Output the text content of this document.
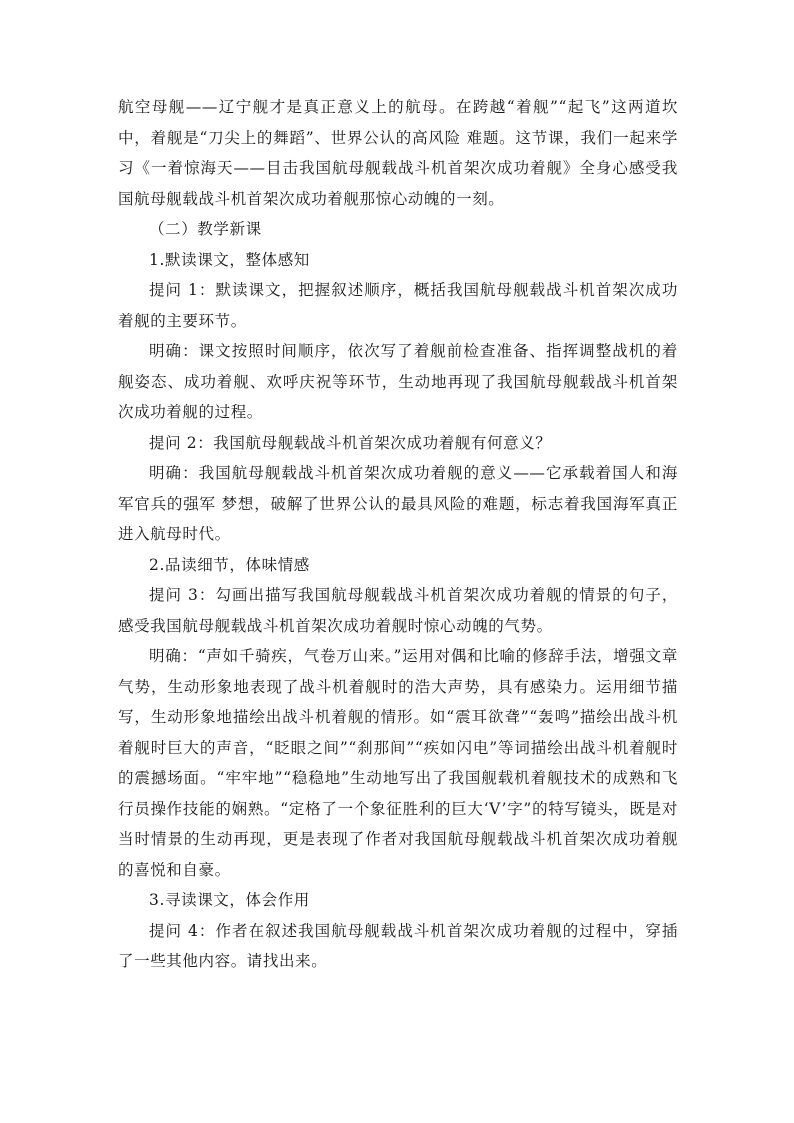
航空母舰——辽宁舰才是真正意义上的航母。在跨越“着舰”“起飞”这两道坎中，着舰是“刀尖上的舞蹈”、世界公认的高风险 难题。这节课，我们一起来学习《一着惊海天——目击我国航母舰载战斗机首架次成功着舰》全身心感受我国航母舰载战斗机首架次成功着舰那惊心动魄的一刻。

（二）教学新课

1.默读课文，整体感知

提问 1：默读课文，把握叙述顺序，概括我国航母舰载战斗机首架次成功着舰的主要环节。

明确：课文按照时间顺序，依次写了着舰前检查准备、指挥调整战机的着舰姿态、成功着舰、欢呼庆祝等环节，生动地再现了我国航母舰载战斗机首架次成功着舰的过程。

提问 2：我国航母舰载战斗机首架次成功着舰有何意义？

明确：我国航母舰载战斗机首架次成功着舰的意义——它承载着国人和海军官兵的强军 梦想，破解了世界公认的最具风险的难题，标志着我国海军真正进入航母时代。

2.品读细节，体味情感

提问 3：勾画出描写我国航母舰载战斗机首架次成功着舰的情景的句子，感受我国航母舰载战斗机首架次成功着舰时惊心动魄的气势。

明确：“声如千骑疾，气卷万山来。”运用对偶和比喻的修辞手法，增强文章气势，生动形象地表现了战斗机着舰时的浩大声势，具有感染力。运用细节描写，生动形象地描绘出战斗机着舰的情形。如“震耳欲聋”“轰鸣”描绘出战斗机着舰时巨大的声音，“眨眼之间”“刹那间”“疾如闪电”等词描绘出战斗机着舰时的震撼场面。“牢牢地”“稳稳地”生动地写出了我国舰载机着舰技术的成熟和飞行员操作技能的娴熟。“定格了一个象征胜利的巨大‘V’字”的特写镜头，既是对当时情景的生动再现，更是表现了作者对我国航母舰载战斗机首架次成功着舰的喜悦和自豪。

3.寻读课文，体会作用

提问 4：作者在叙述我国航母舰载战斗机首架次成功着舰的过程中，穿插了一些其他内容。请找出来。
